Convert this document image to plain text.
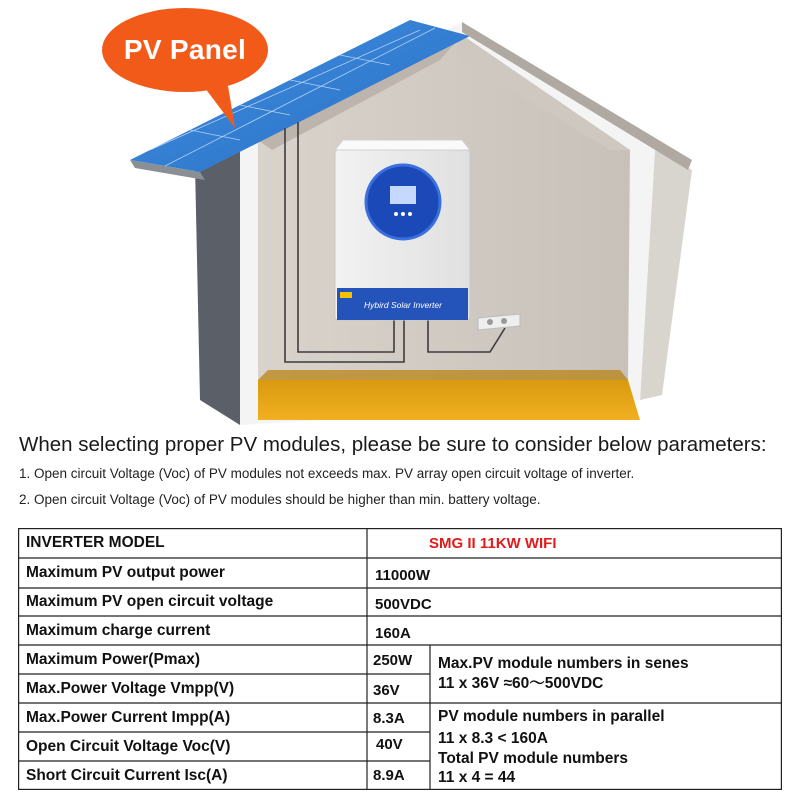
Hybird Solar Inverter
PV Panel
When selecting proper PV modules, please be sure to consider below parameters:
1. Open circuit Voltage (Voc) of PV modules not exceeds max. PV array open circuit voltage of inverter.
2. Open circuit Voltage (Voc) of PV modules should be higher than min. battery voltage.
INVERTER MODEL	SMG II 11KW WIFI
Maximum PV output power	11000W
Maximum PV open circuit voltage	500VDC
Maximum charge current	160A
Maximum Power(Pmax)	250W
Max.Power Voltage Vmpp(V)	36V
Max.Power Current Impp(A)	8.3A
Open Circuit Voltage Voc(V)	40V
Short Circuit Current Isc(A)	8.9A
Max.PV module numbers in senes
11 x 36V ≈60～500VDC
PV module numbers in parallel
11 x 8.3 < 160A
Total PV module numbers
11 x 4 = 44
